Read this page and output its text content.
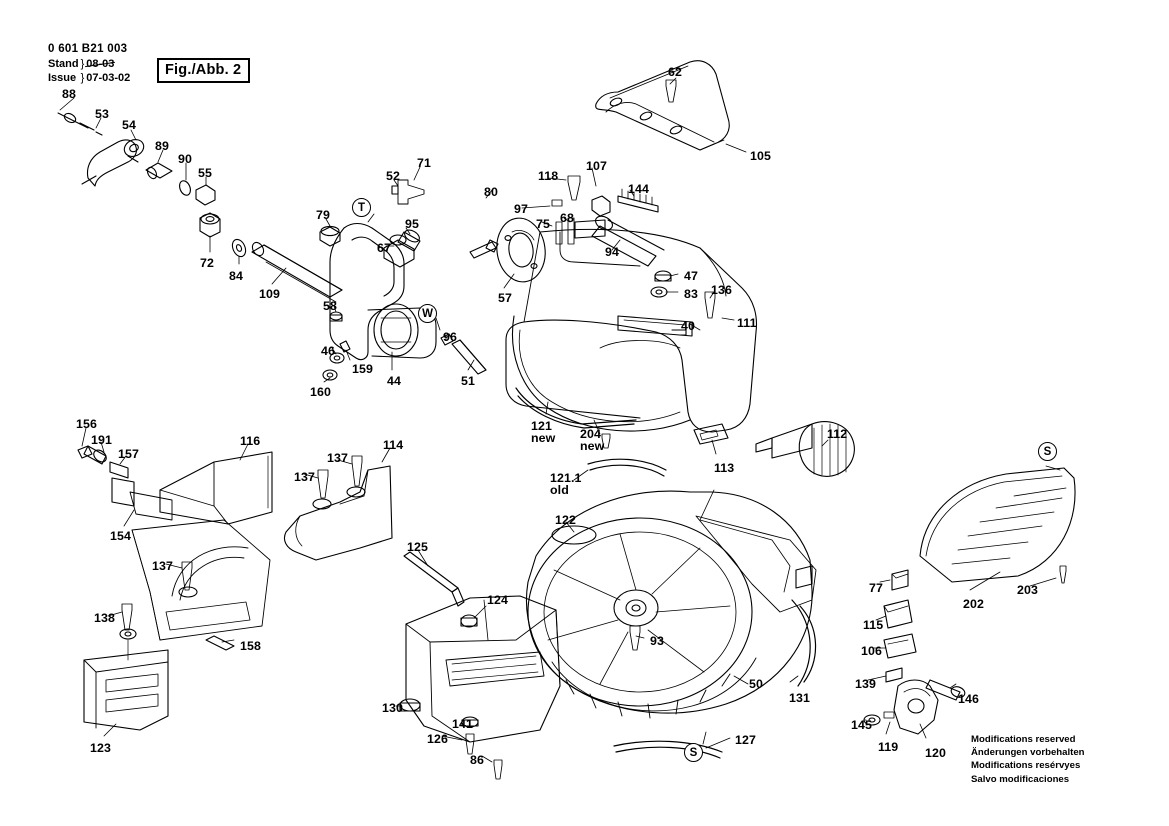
0 601 B21 003
Stand	}	08-03
Issue	}	07-03-02	Fig./Abb. 2
Modifications reserved
Änderungen vorbehalten
Modifications resérvyes
Salvo modificaciones
T
W
S
S
88
53
54
89
90
55
72
84
109
79
67
95
52
71
58
46
160
159
44
96
51
57
80
75 68
97
118
107
144
94
47
83 136
40	111
62
105
112
113
121
new 204
new
121.1
old
122
125
124
93
130
141
126
86
127
50
131
156
191
157
154
116
137
137
114
137
138
158
123
77
115
106
139
145
119 120
146
202
203
